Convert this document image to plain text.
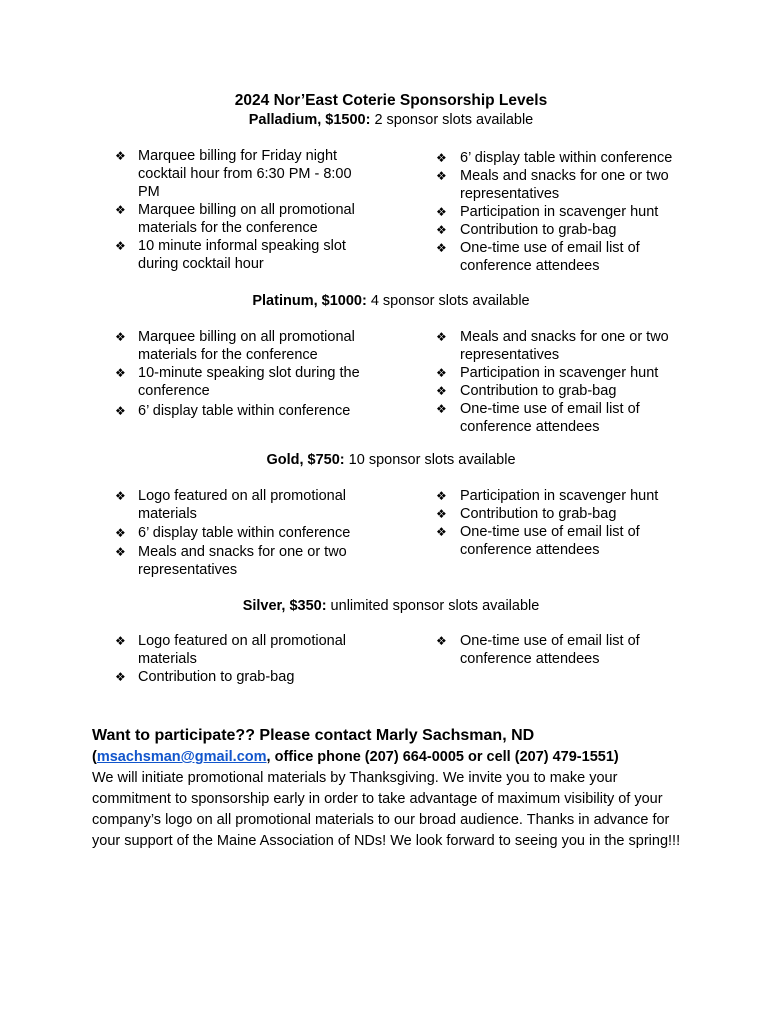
2024 Nor’East Coterie Sponsorship Levels
Palladium, $1500: 2 sponsor slots available
❖ Marquee billing for Friday night cocktail hour from 6:30 PM - 8:00 PM
❖ Marquee billing on all promotional materials for the conference
❖ 10 minute informal speaking slot during cocktail hour
❖ 6’ display table within conference
❖ Meals and snacks for one or two representatives
❖ Participation in scavenger hunt
❖ Contribution to grab-bag
❖ One-time use of email list of conference attendees
Platinum, $1000: 4 sponsor slots available
❖ Marquee billing on all promotional materials for the conference
❖ 10-minute speaking slot during the conference
❖ 6’ display table within conference
❖ Meals and snacks for one or two representatives
❖ Participation in scavenger hunt
❖ Contribution to grab-bag
❖ One-time use of email list of conference attendees
Gold, $750: 10 sponsor slots available
❖ Logo featured on all promotional materials
❖ 6’ display table within conference
❖ Meals and snacks for one or two representatives
❖ Participation in scavenger hunt
❖ Contribution to grab-bag
❖ One-time use of email list of conference attendees
Silver, $350: unlimited sponsor slots available
❖ Logo featured on all promotional materials
❖ Contribution to grab-bag
❖ One-time use of email list of conference attendees
Want to participate?? Please contact Marly Sachsman, ND
(msachsman@gmail.com, office phone (207) 664-0005 or cell (207) 479-1551)

We will initiate promotional materials by Thanksgiving. We invite you to make your commitment to sponsorship early in order to take advantage of maximum visibility of your company’s logo on all promotional materials to our broad audience. Thanks in advance for your support of the Maine Association of NDs! We look forward to seeing you in the spring!!!
